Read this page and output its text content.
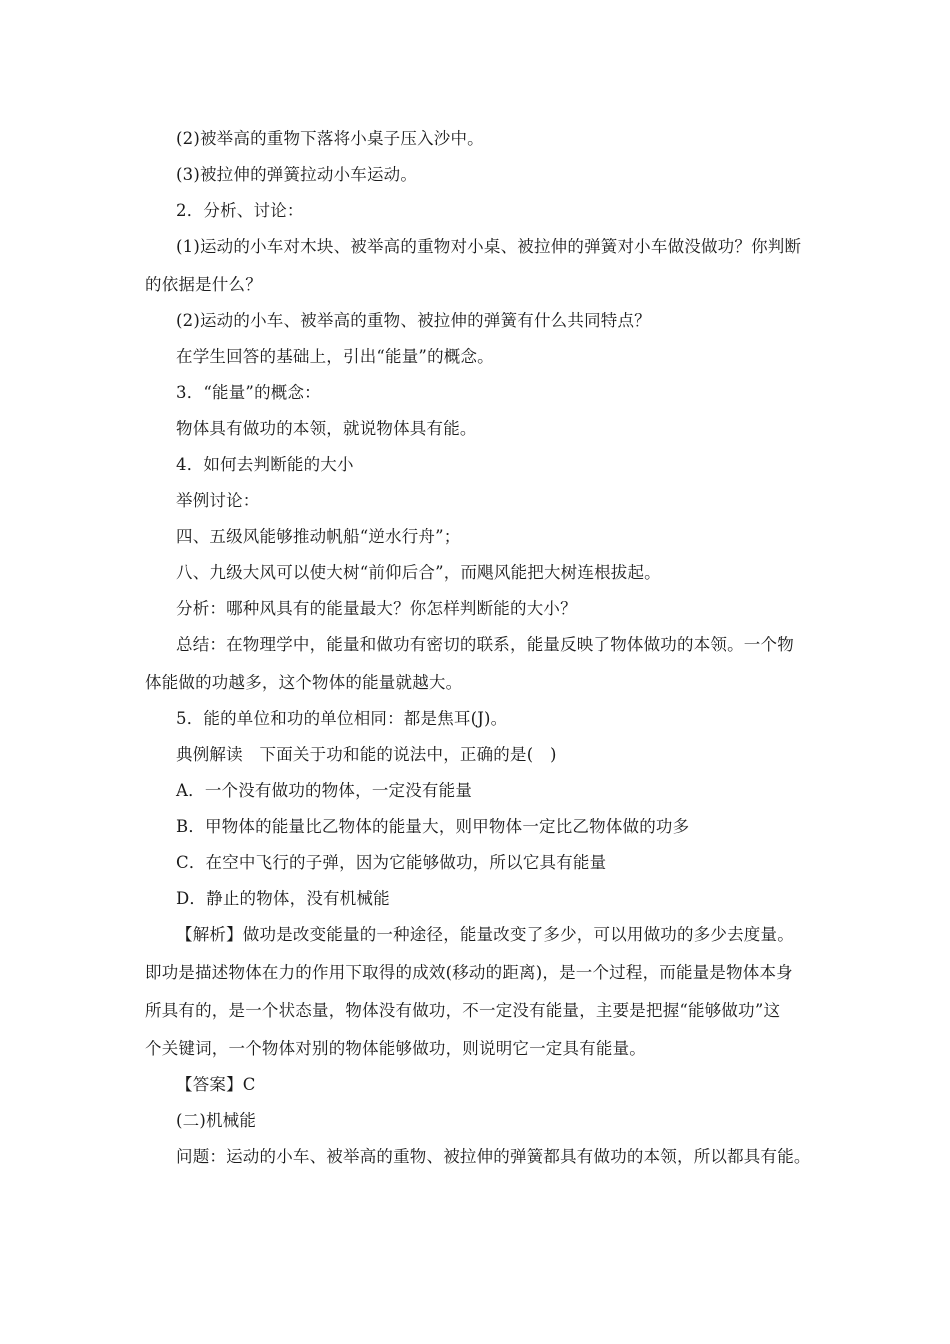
(2)被举高的重物下落将小桌子压入沙中。
(3)被拉伸的弹簧拉动小车运动。
2．分析、讨论：
(1)运动的小车对木块、被举高的重物对小桌、被拉伸的弹簧对小车做没做功？你判断
的依据是什么？
(2)运动的小车、被举高的重物、被拉伸的弹簧有什么共同特点？
在学生回答的基础上，引出“能量”的概念。
3．“能量”的概念：
物体具有做功的本领，就说物体具有能。
4．如何去判断能的大小
举例讨论：
四、五级风能够推动帆船“逆水行舟”；
八、九级大风可以使大树“前仰后合”，而飓风能把大树连根拔起。
分析：哪种风具有的能量最大？你怎样判断能的大小？
总结：在物理学中，能量和做功有密切的联系，能量反映了物体做功的本领。一个物
体能做的功越多，这个物体的能量就越大。
5．能的单位和功的单位相同：都是焦耳(J)。
典例解读　下面关于功和能的说法中，正确的是(　)
A．一个没有做功的物体，一定没有能量
B．甲物体的能量比乙物体的能量大，则甲物体一定比乙物体做的功多
C．在空中飞行的子弹，因为它能够做功，所以它具有能量
D．静止的物体，没有机械能
【解析】做功是改变能量的一种途径，能量改变了多少，可以用做功的多少去度量。
即功是描述物体在力的作用下取得的成效(移动的距离)，是一个过程，而能量是物体本身
所具有的，是一个状态量，物体没有做功，不一定没有能量，主要是把握“能够做功”这
个关键词，一个物体对别的物体能够做功，则说明它一定具有能量。
【答案】C
(二)机械能
问题：运动的小车、被举高的重物、被拉伸的弹簧都具有做功的本领，所以都具有能。
